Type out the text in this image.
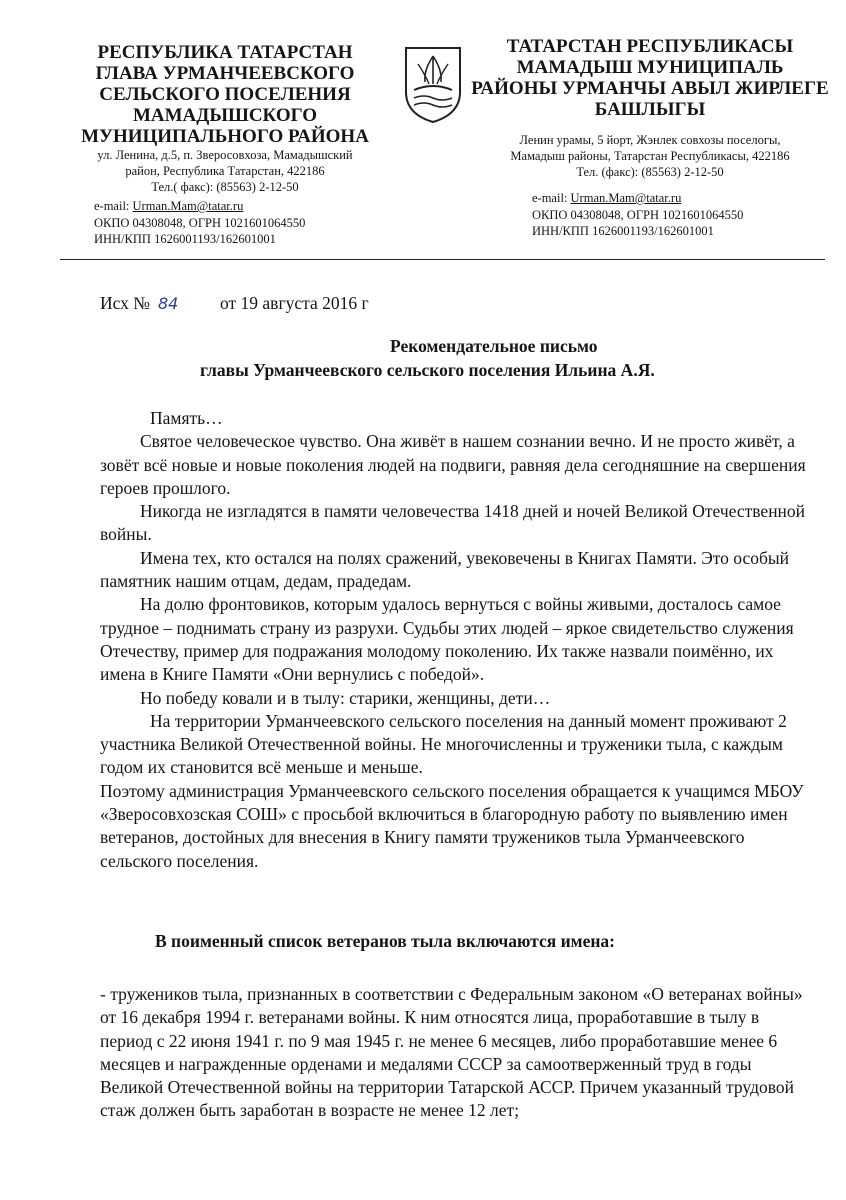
РЕСПУБЛИКА ТАТАРСТАН

ГЛАВА УРМАНЧЕЕВСКОГО

СЕЛЬСКОГО ПОСЕЛЕНИЯ

МАМАДЫШСКОГО

МУНИЦИПАЛЬНОГО РАЙОНА

ул. Ленина, д.5, п. Зверосовхоза, Мамадышский
район, Республика Татарстан, 422186
Тел.( факс): (85563) 2-12-50
e-mail: Urman.Mam@tatar.ru
ОКПО 04308048, ОГРН 1021601064550
ИНН/КПП 1626001193/162601001

ТАТАРСТАН РЕСПУБЛИКАСЫ

МАМАДЫШ МУНИЦИПАЛЬ

РАЙОНЫ УРМАНЧЫ АВЫЛ ЖИРЛЕГЕ

БАШЛЫГЫ

Ленин урамы, 5 йорт, Жэнлек совхозы поселогы,
Мамадыш районы, Татарстан Республикасы, 422186
Тел. (факс): (85563) 2-12-50
e-mail: Urman.Mam@tatar.ru
ОКПО 04308048, ОГРН 1021601064550
ИНН/КПП 1626001193/162601001
Исх № 84 от 19 августа 2016 г
Рекомендательное письмо
главы Урманчеевского сельского поселения Ильина А.Я.

Память…

Святое человеческое чувство. Она живёт в нашем сознании вечно. И не просто живёт, а зовёт всё новые и новые поколения людей на подвиги, равняя дела сегодняшние на свершения героев прошлого.

Никогда не изгладятся в памяти человечества 1418 дней и ночей Великой Отечественной войны.

Имена тех, кто остался на полях сражений, увековечены в Книгах Памяти. Это особый памятник нашим отцам, дедам, прадедам.

На долю фронтовиков, которым удалось вернуться с войны живыми, досталось самое трудное – поднимать страну из разрухи. Судьбы этих людей – яркое свидетельство служения Отечеству, пример для подражания молодому поколению. Их также назвали поимённо, их имена в Книге Памяти «Они вернулись с победой».

Но победу ковали и в тылу: старики, женщины, дети…

На территории Урманчеевского сельского поселения на данный момент проживают 2 участника Великой Отечественной войны. Не многочисленны и труженики тыла, с каждым годом их становится всё меньше и меньше.

Поэтому администрация Урманчеевского сельского поселения обращается к учащимся МБОУ «Зверосовхозская СОШ» с просьбой включиться в благородную работу по выявлению имен ветеранов, достойных для внесения в Книгу памяти тружеников тыла Урманчеевского сельского поселения.

В поименный список ветеранов тыла включаются имена:

- тружеников тыла, признанных в соответствии с Федеральным законом «О ветеранах войны» от 16 декабря 1994 г. ветеранами войны. К ним относятся лица, проработавшие в тылу в период с 22 июня 1941 г. по 9 мая 1945 г. не менее 6 месяцев, либо проработавшие менее 6 месяцев и награжденные орденами и медалями СССР за самоотверженный труд в годы Великой Отечественной войны на территории Татарской АССР. Причем указанный трудовой стаж должен быть заработан в возрасте не менее 12 лет;
